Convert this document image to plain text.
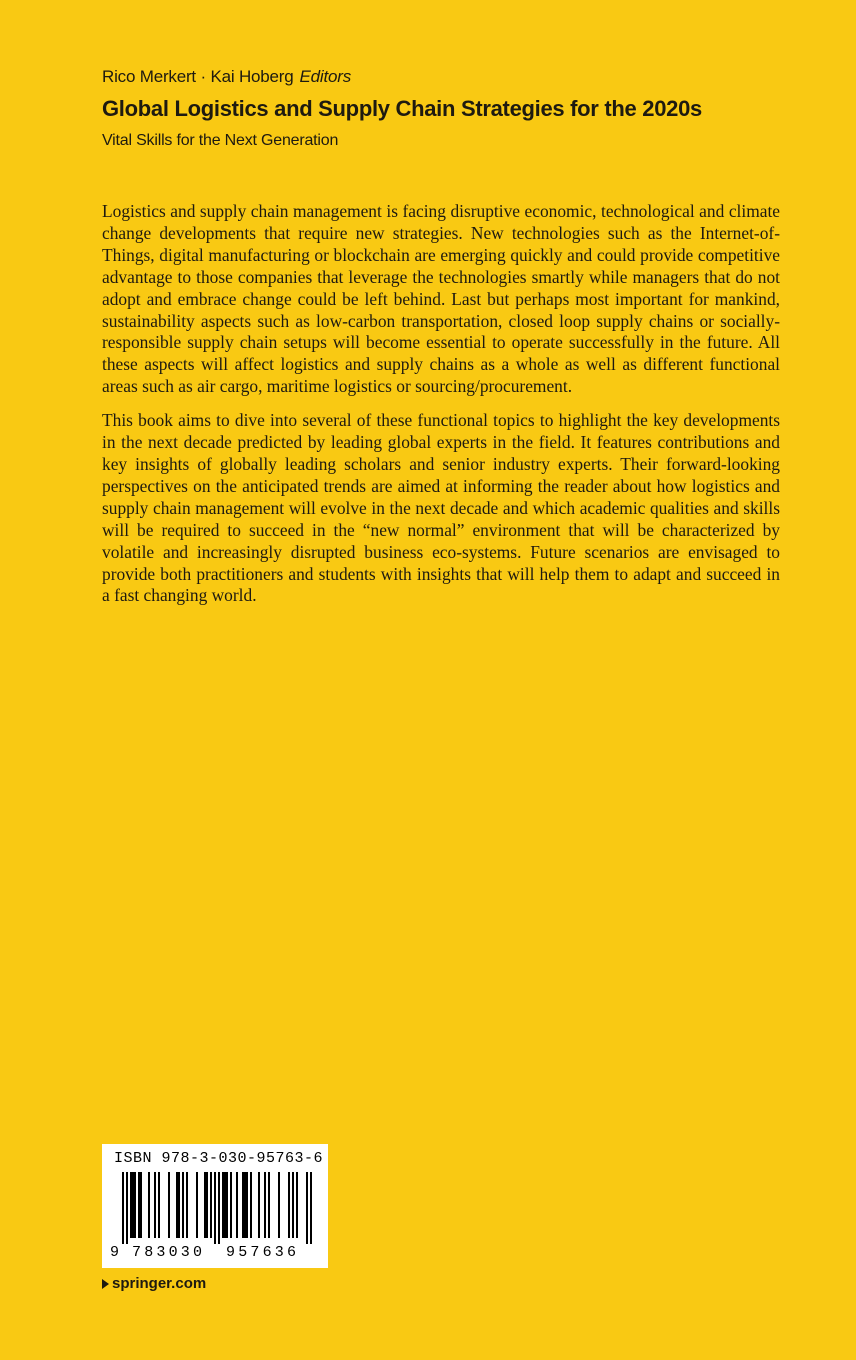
Rico Merkert · Kai Hoberg Editors
Global Logistics and Supply Chain Strategies for the 2020s
Vital Skills for the Next Generation

Logistics and supply chain management is facing disruptive economic, technological and climate change developments that require new strategies. New technologies such as the Internet-of-Things, digital manufacturing or blockchain are emerging quickly and could provide competitive advantage to those companies that leverage the technologies smartly while managers that do not adopt and embrace change could be left behind. Last but perhaps most important for mankind, sustainability aspects such as low-carbon transportation, closed loop supply chains or socially-responsible supply chain setups will become essential to operate successfully in the future. All these aspects will affect logistics and supply chains as a whole as well as different functional areas such as air cargo, maritime logistics or sourcing/procurement.

This book aims to dive into several of these functional topics to highlight the key developments in the next decade predicted by leading global experts in the field. It features contributions and key insights of globally leading scholars and senior industry experts. Their forward-looking perspectives on the anticipated trends are aimed at informing the reader about how logistics and supply chain management will evolve in the next decade and which academic qualities and skills will be required to succeed in the “new normal” environment that will be characterized by volatile and increasingly disrupted business eco-systems. Future scenarios are envisaged to provide both practitioners and students with insights that will help them to adapt and succeed in a fast changing world.

ISBN 978-3-030-95763-6
9 783030 957636
springer.com
